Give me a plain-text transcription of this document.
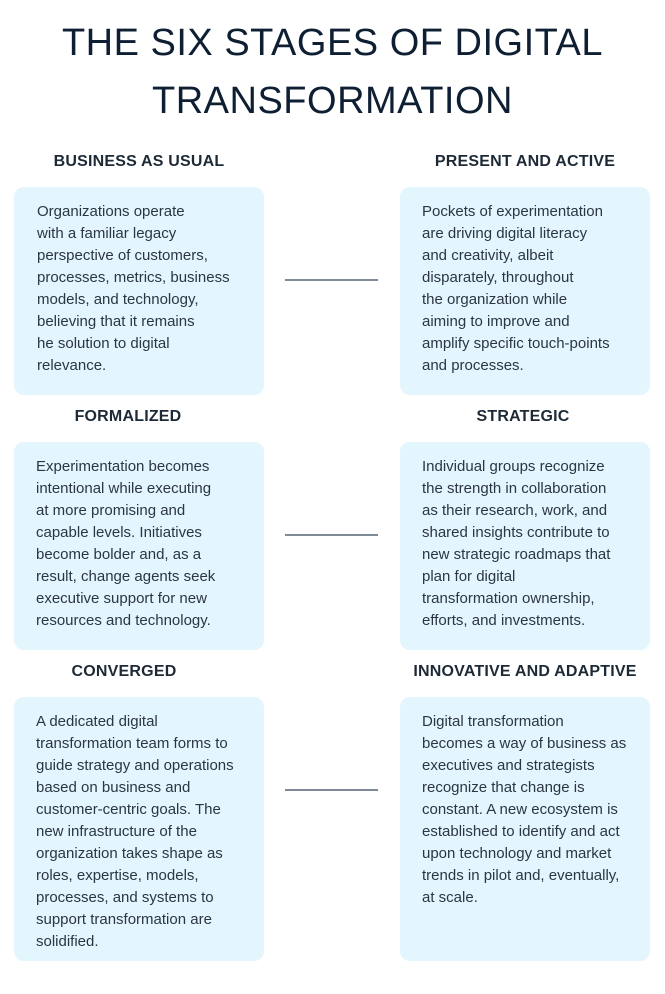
THE SIX STAGES OF DIGITAL
TRANSFORMATION
BUSINESS AS USUAL	PRESENT AND ACTIVE

Organizations operate
with a familiar legacy
perspective of customers,
processes, metrics, business
models, and technology,
believing that it remains
he solution to digital
relevance.

Pockets of experimentation
are driving digital literacy
and creativity, albeit
disparately, throughout
the organization while
aiming to improve and
amplify specific touch-points
and processes.

FORMALIZED	STRATEGIC

Experimentation becomes
intentional while executing
at more promising and
capable levels. Initiatives
become bolder and, as a
result, change agents seek
executive support for new
resources and technology.

Individual groups recognize
the strength in collaboration
as their research, work, and
shared insights contribute to
new strategic roadmaps that
plan for digital
transformation ownership,
efforts, and investments.

CONVERGED	INNOVATIVE AND ADAPTIVE

A dedicated digital
transformation team forms to
guide strategy and operations
based on business and
customer-centric goals. The
new infrastructure of the
organization takes shape as
roles, expertise, models,
processes, and systems to
support transformation are
solidified.

Digital transformation
becomes a way of business as
executives and strategists
recognize that change is
constant. A new ecosystem is
established to identify and act
upon technology and market
trends in pilot and, eventually,
at scale.
